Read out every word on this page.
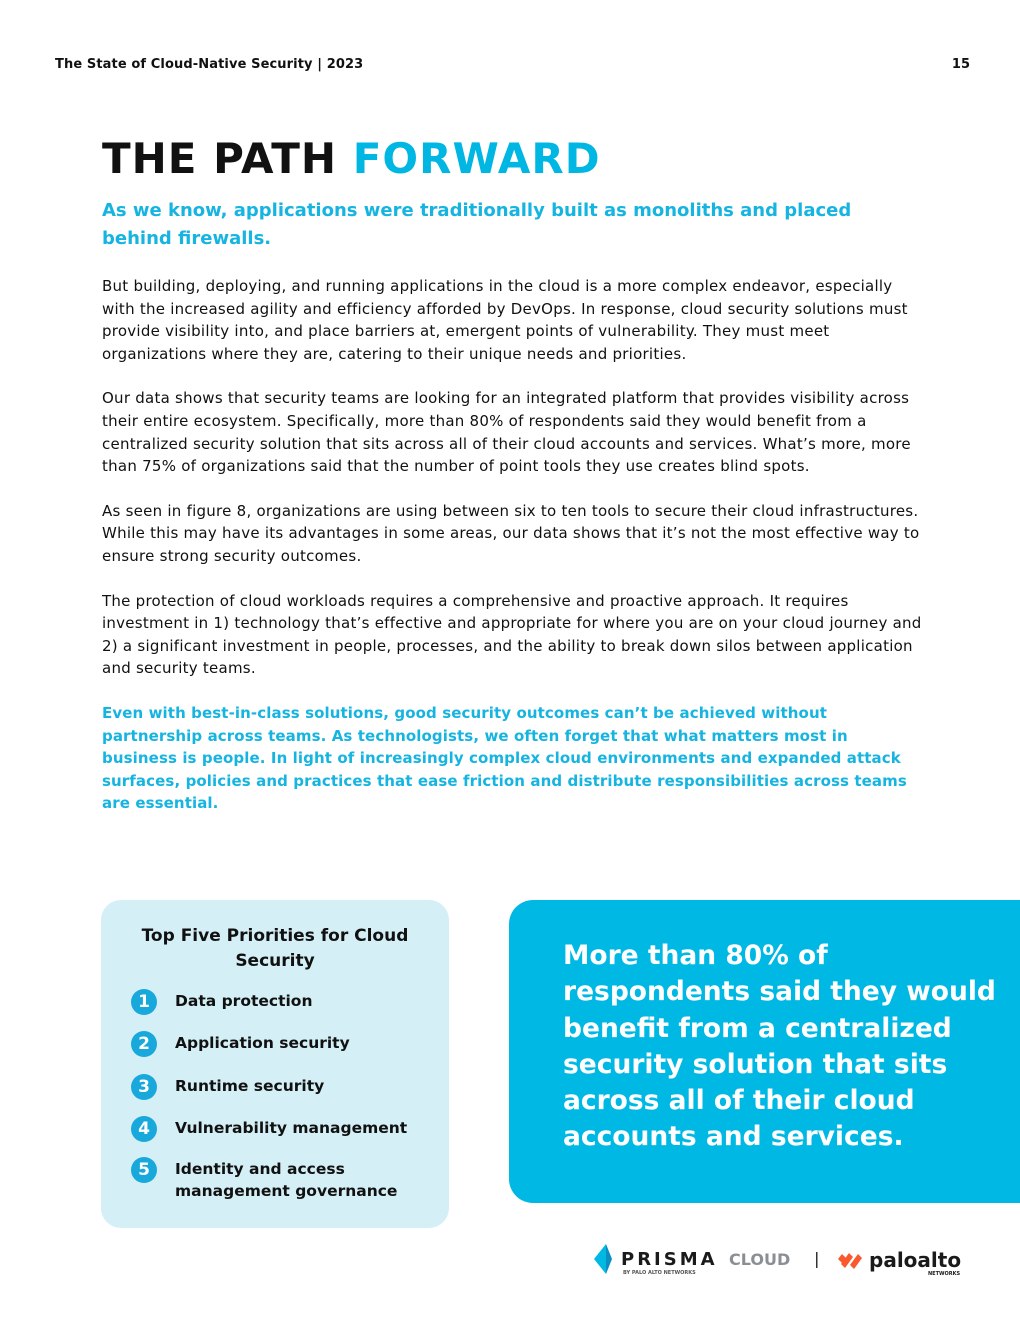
The State of Cloud-Native Security | 2023	15
THE PATH FORWARD

As we know, applications were traditionally built as monoliths and placed behind firewalls.

But building, deploying, and running applications in the cloud is a more complex endeavor, especially with the increased agility and efficiency afforded by DevOps. In response, cloud security solutions must provide visibility into, and place barriers at, emergent points of vulnerability. They must meet organizations where they are, catering to their unique needs and priorities.

Our data shows that security teams are looking for an integrated platform that provides visibility across their entire ecosystem. Specifically, more than 80% of respondents said they would benefit from a centralized security solution that sits across all of their cloud accounts and services. What’s more, more than 75% of organizations said that the number of point tools they use creates blind spots.

As seen in figure 8, organizations are using between six to ten tools to secure their cloud infrastructures. While this may have its advantages in some areas, our data shows that it’s not the most effective way to ensure strong security outcomes.

The protection of cloud workloads requires a comprehensive and proactive approach. It requires investment in 1) technology that’s effective and appropriate for where you are on your cloud journey and 2) a significant investment in people, processes, and the ability to break down silos between application and security teams.

Even with best-in-class solutions, good security outcomes can’t be achieved without partnership across teams. As technologists, we often forget that what matters most in business is people. In light of increasingly complex cloud environments and expanded attack surfaces, policies and practices that ease friction and distribute responsibilities across teams are essential.

Top Five Priorities for Cloud Security
1	Data protection
2	Application security
3	Runtime security
4	Vulnerability management
5	Identity and access management governance

More than 80% of respondents said they would benefit from a centralized security solution that sits across all of their cloud accounts and services.

PRISMA CLOUD
BY PALO ALTO NETWORKS
paloalto
NETWORKS
